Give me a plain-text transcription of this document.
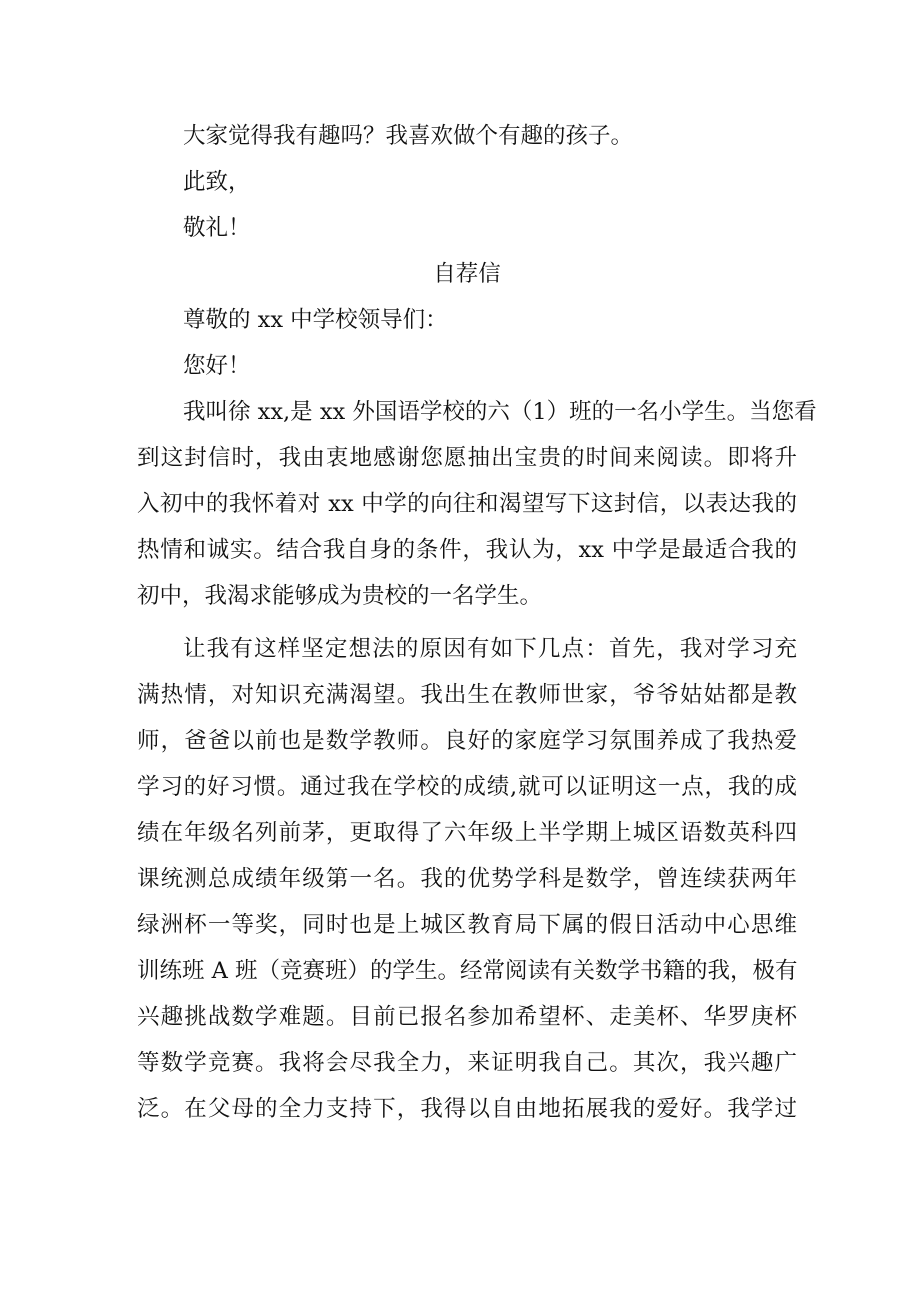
大家觉得我有趣吗？我喜欢做个有趣的孩子。

此致，

敬礼！

自荐信

尊敬的 xx 中学校领导们：

您好！

我叫徐 xx,是 xx 外国语学校的六（1）班的一名小学生。当您看
到这封信时，我由衷地感谢您愿抽出宝贵的时间来阅读。即将升
入初中的我怀着对 xx 中学的向往和渴望写下这封信，以表达我的
热情和诚实。结合我自身的条件，我认为，xx 中学是最适合我的
初中，我渴求能够成为贵校的一名学生。
让我有这样坚定想法的原因有如下几点：首先，我对学习充
满热情，对知识充满渴望。我出生在教师世家，爷爷姑姑都是教
师，爸爸以前也是数学教师。良好的家庭学习氛围养成了我热爱
学习的好习惯。通过我在学校的成绩,就可以证明这一点，我的成
绩在年级名列前茅，更取得了六年级上半学期上城区语数英科四
课统测总成绩年级第一名。我的优势学科是数学，曾连续获两年
绿洲杯一等奖，同时也是上城区教育局下属的假日活动中心思维
训练班 A 班（竞赛班）的学生。经常阅读有关数学书籍的我，极有
兴趣挑战数学难题。目前已报名参加希望杯、走美杯、华罗庚杯
等数学竞赛。我将会尽我全力，来证明我自己。其次，我兴趣广
泛。在父母的全力支持下，我得以自由地拓展我的爱好。我学过
